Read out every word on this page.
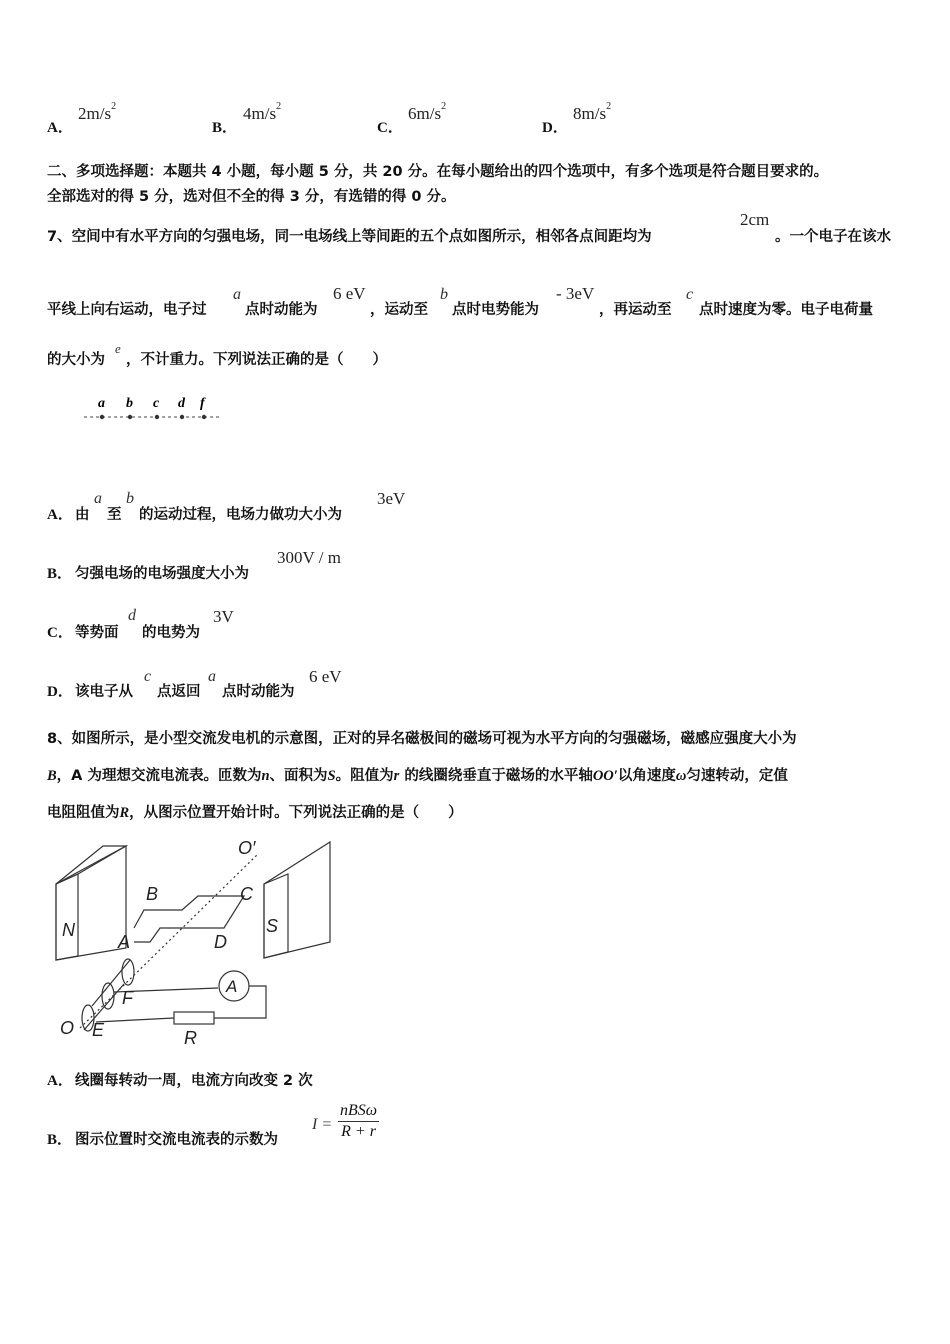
A．
$2m/s^2$
B．
$4m/s^2$
C．
$6m/s^2$
D．
$8m/s^2$
二、多项选择题：本题共 4 小题，每小题 5 分，共 20 分。在每小题给出的四个选项中，有多个选项是符合题目要求的。
全部选对的得 5 分，选对但不全的得 3 分，有选错的得 0 分。
7、空间中有水平方向的匀强电场，同一电场线上等间距的五个点如图所示，相邻各点间距均为
2cm
。一个电子在该水
平线上向右运动，电子过
a
点时动能为
6 eV
，运动至
b
点时电势能为
- 3eV
，再运动至
c
点时速度为零。电子电荷量
的大小为
e
，不计重力。下列说法正确的是（　　）
a b c d f
A． 由
a
至
b
的运动过程，电场力做功大小为
3eV
B． 匀强电场的电场强度大小为
300V / m
C． 等势面
d
的电势为
3V
D． 该电子从
c
点返回
a
点时动能为
6 eV
8、如图所示，是小型交流发电机的示意图，正对的异名磁极间的磁场可视为水平方向的匀强磁场，磁感应强度大小为
B，A 为理想交流电流表。匝数为n、面积为S。阻值为r 的线圈绕垂直于磁场的水平轴OO′以角速度ω匀速转动，定值
电阻阻值为R，从图示位置开始计时。下列说法正确的是（　　）
N	S
O′
B	C
A	D
F
O E
A
R
A． 线圈每转动一周，电流方向改变 2 次
B． 图示位置时交流电流表的示数为
I =
nBSω
R + r
